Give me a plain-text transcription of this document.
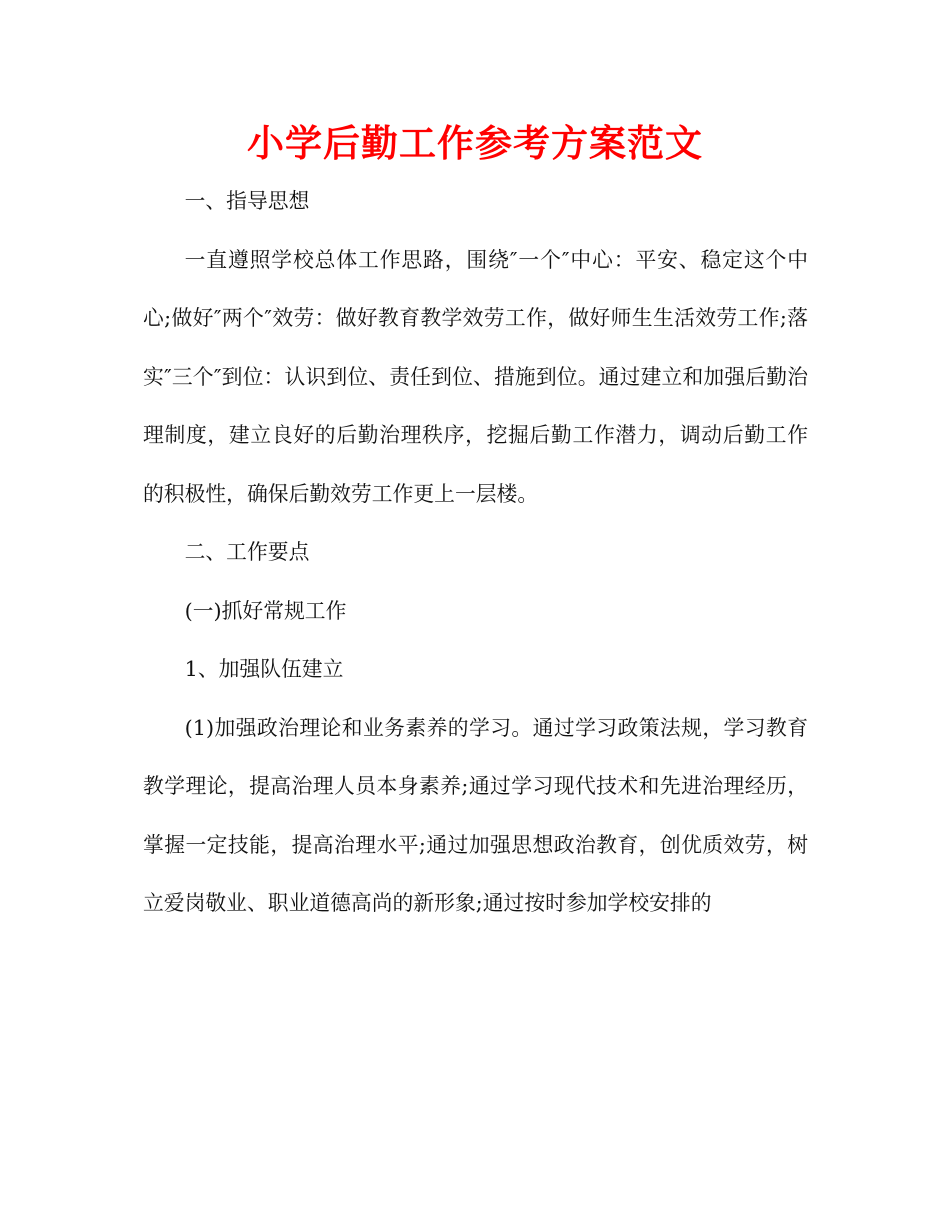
小学后勤工作参考方案范文

一、指导思想

一直遵照学校总体工作思路，围绕″一个″中心：平安、稳定这个中心;做好″两个″效劳：做好教育教学效劳工作，做好师生生活效劳工作;落实″三个″到位：认识到位、责任到位、措施到位。通过建立和加强后勤治理制度，建立良好的后勤治理秩序，挖掘后勤工作潜力，调动后勤工作的积极性，确保后勤效劳工作更上一层楼。

二、工作要点

(一)抓好常规工作

1、加强队伍建立

(1)加强政治理论和业务素养的学习。通过学习政策法规，学习教育教学理论，提高治理人员本身素养;通过学习现代技术和先进治理经历，掌握一定技能，提高治理水平;通过加强思想政治教育，创优质效劳，树立爱岗敬业、职业道德高尚的新形象;通过按时参加学校安排的
